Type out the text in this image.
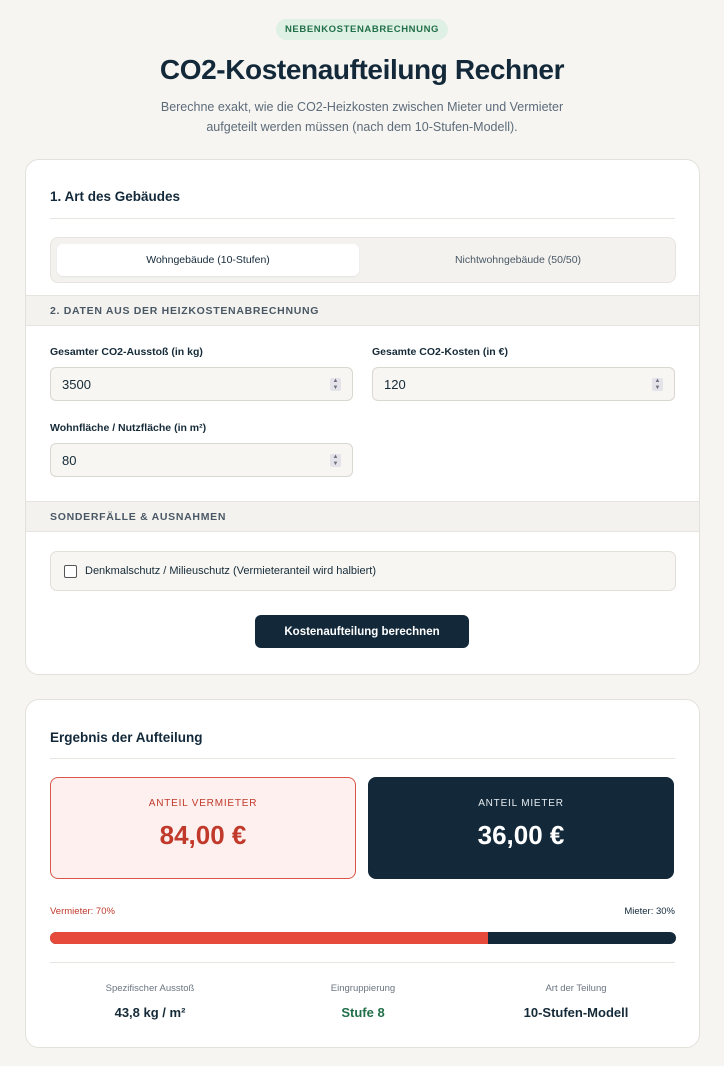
NEBENKOSTENABRECHNUNG
CO2-Kostenaufteilung Rechner
Berechne exakt, wie die CO2-Heizkosten zwischen Mieter und Vermieter aufgeteilt werden müssen (nach dem 10-Stufen-Modell).
1. Art des Gebäudes
Wohngebäude (10-Stufen)	Nichtwohngebäude (50/50)
2. DATEN AUS DER HEIZKOSTENABRECHNUNG
Gesamter CO2-Ausstoß (in kg)
3500	▲
▼
Gesamte CO2-Kosten (in €)
120	▲
▼
Wohnfläche / Nutzfläche (in m²)
80	▲
▼
SONDERFÄLLE & AUSNAHMEN
Denkmalschutz / Milieuschutz (Vermieteranteil wird halbiert)
Kostenaufteilung berechnen
Ergebnis der Aufteilung
ANTEIL VERMIETER
84,00 €
ANTEIL MIETER
36,00 €
Vermieter: 70%	Mieter: 30%
Spezifischer Ausstoß
43,8 kg / m²
Eingruppierung
Stufe 8
Art der Teilung
10-Stufen-Modell
